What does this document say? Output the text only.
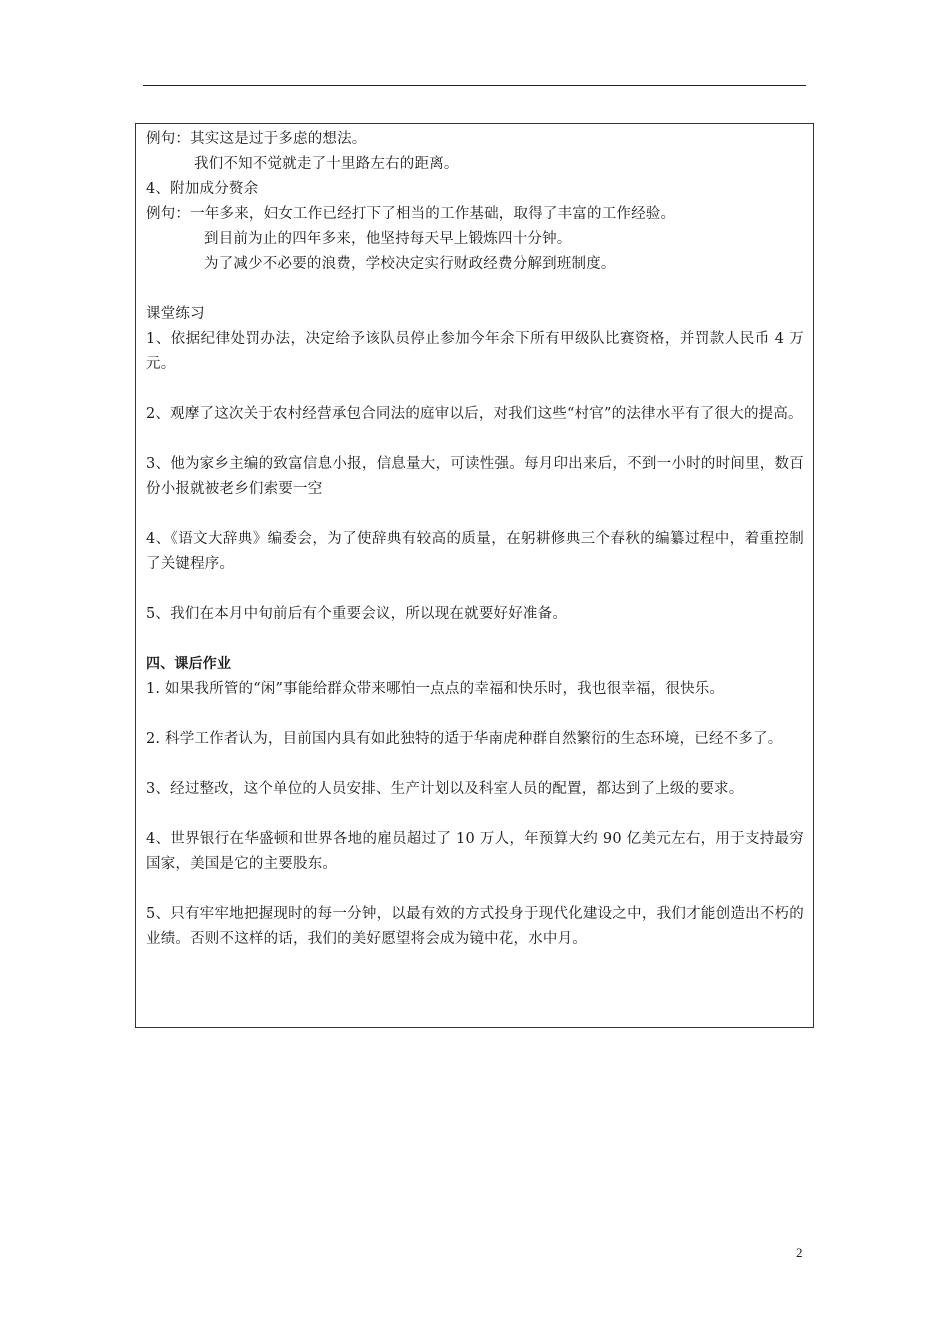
例句：其实这是过于多虑的想法。
我们不知不觉就走了十里路左右的距离。
4、附加成分赘余
例句：一年多来，妇女工作已经打下了相当的工作基础，取得了丰富的工作经验。
到目前为止的四年多来，他坚持每天早上锻炼四十分钟。
为了减少不必要的浪费，学校决定实行财政经费分解到班制度。
课堂练习
1、依据纪律处罚办法，决定给予该队员停止参加今年余下所有甲级队比赛资格，并罚款人民币 4 万元。
2、观摩了这次关于农村经营承包合同法的庭审以后，对我们这些“村官”的法律水平有了很大的提高。
3、他为家乡主编的致富信息小报，信息量大，可读性强。每月印出来后，不到一小时的时间里，数百份小报就被老乡们索要一空
4、《语文大辞典》编委会，为了使辞典有较高的质量，在躬耕修典三个春秋的编纂过程中，着重控制了关键程序。
5、我们在本月中旬前后有个重要会议，所以现在就要好好准备。
四、课后作业
1. 如果我所管的“闲”事能给群众带来哪怕一点点的幸福和快乐时，我也很幸福，很快乐。
2. 科学工作者认为，目前国内具有如此独特的适于华南虎种群自然繁衍的生态环境，已经不多了。
3、经过整改，这个单位的人员安排、生产计划以及科室人员的配置，都达到了上级的要求。
4、世界银行在华盛顿和世界各地的雇员超过了 10 万人，年预算大约 90 亿美元左右，用于支持最穷国家，美国是它的主要股东。
5、只有牢牢地把握现时的每一分钟，以最有效的方式投身于现代化建设之中，我们才能创造出不朽的业绩。否则不这样的话，我们的美好愿望将会成为镜中花，水中月。
2
